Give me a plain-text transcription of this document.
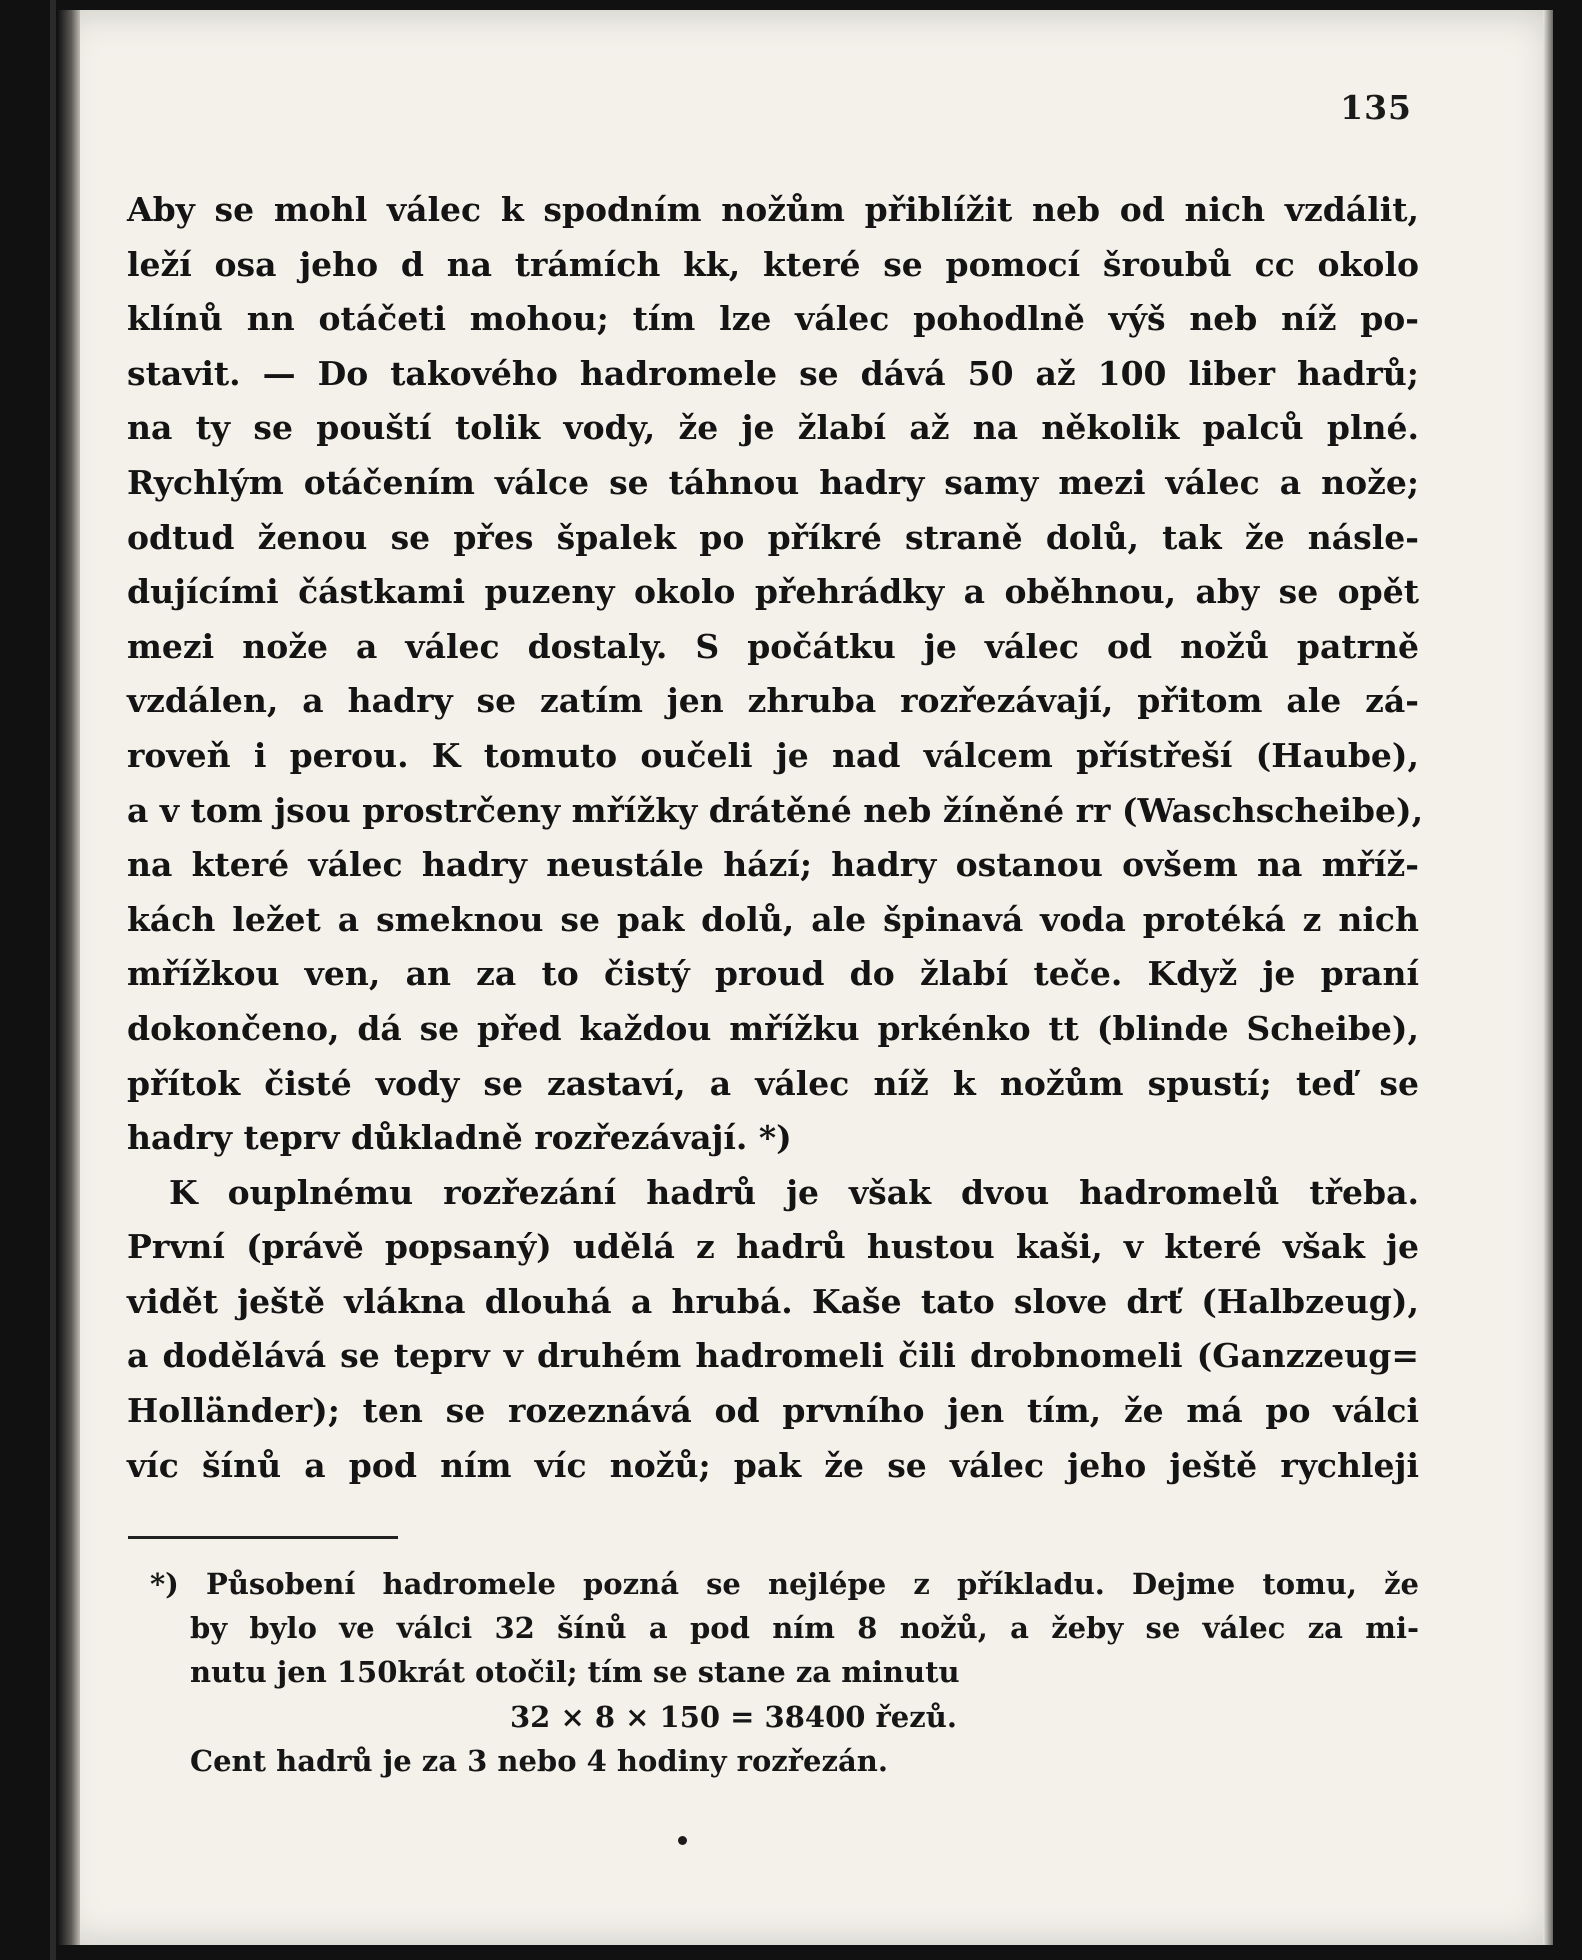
135
Aby se mohl válec k spodním nožům přiblížit neb od nich vzdálit,
leží osa jeho d na trámích kk, které se pomocí šroubů cc okolo
klínů nn otáčeti mohou; tím lze válec pohodlně výš neb níž po-
stavit. — Do takového hadromele se dává 50 až 100 liber hadrů;
na ty se pouští tolik vody, že je žlabí až na několik palců plné.
Rychlým otáčením válce se táhnou hadry samy mezi válec a nože;
odtud ženou se přes špalek po příkré straně dolů, tak že násle-
dujícími částkami puzeny okolo přehrádky a oběhnou, aby se opět
mezi nože a válec dostaly. S počátku je válec od nožů patrně
vzdálen, a hadry se zatím jen zhruba rozřezávají, přitom ale zá-
roveň i perou. K tomuto oučeli je nad válcem přístřeší (Haube),
a v tom jsou prostrčeny mřížky drátěné neb žíněné rr (Waschscheibe),
na které válec hadry neustále hází; hadry ostanou ovšem na mříž-
kách ležet a smeknou se pak dolů, ale špinavá voda protéká z nich
mřížkou ven, an za to čistý proud do žlabí teče. Když je praní
dokončeno, dá se před každou mřížku prkénko tt (blinde Scheibe),
přítok čisté vody se zastaví, a válec níž k nožům spustí; teď se
hadry teprv důkladně rozřezávají. *)
K ouplnému rozřezání hadrů je však dvou hadromelů třeba.
První (právě popsaný) udělá z hadrů hustou kaši, v které však je
vidět ještě vlákna dlouhá a hrubá. Kaše tato slove drť (Halbzeug),
a dodělává se teprv v druhém hadromeli čili drobnomeli (Ganzzeug=
Holländer); ten se rozeznává od prvního jen tím, že má po válci
víc šínů a pod ním víc nožů; pak že se válec jeho ještě rychleji
*) Působení hadromele pozná se nejlépe z příkladu. Dejme tomu, že
by bylo ve válci 32 šínů a pod ním 8 nožů, a žeby se válec za mi-
nutu jen 150krát otočil; tím se stane za minutu
32 × 8 × 150 = 38400 řezů.
Cent hadrů je za 3 nebo 4 hodiny rozřezán.
